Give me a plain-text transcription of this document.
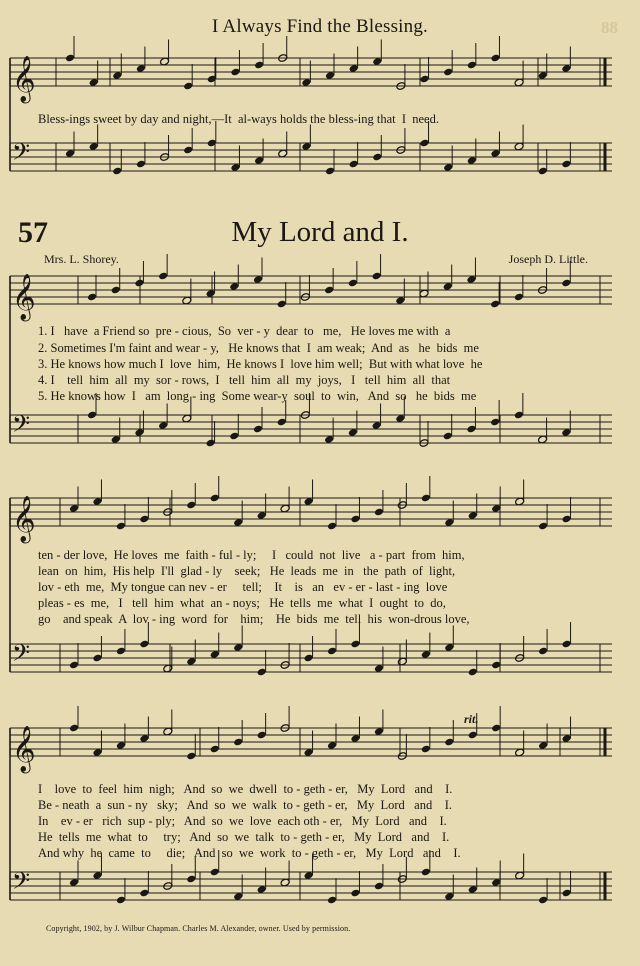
88
I Always Find the Blessing.
𝄞
𝄢
𝄞
𝄢
𝄞
𝄢
𝄞
𝄢
Bless-ings sweet by day and night,—It  al-ways holds the bless-ing that  I  need.
57	My Lord and I.
Mrs. L. Shorey.	Joseph D. Little.
1. I   have  a Friend so  pre - cious,  So  ver - y  dear  to   me,   He loves me with  a
2. Sometimes I'm faint and wear - y,   He knows that  I  am weak;  And  as   he  bids  me
3. He knows how much I  love  him,  He knows I  love him well;  But with what love  he
4. I    tell  him  all  my  sor - rows,  I   tell  him  all  my  joys,   I   tell  him  all  that
5. He knows how  I   am  long - ing  Some wear-y  soul  to  win,   And  so   he  bids  me
ten - der love,  He loves  me  faith - ful - ly;     I   could  not  live   a - part  from  him,
lean  on  him,  His help  I'll  glad - ly    seek;   He  leads  me  in   the  path  of  light,
lov - eth  me,  My tongue can nev - er     tell;    It    is   an   ev - er - last - ing  love
pleas - es  me,   I   tell  him  what  an - noys;   He  tells  me  what  I  ought  to  do,
go    and speak  A  lov - ing  word  for    him;    He  bids  me  tell  his  won-drous love,
rit.
I    love  to  feel  him  nigh;   And  so  we  dwell  to - geth - er,   My  Lord   and    I.
Be - neath  a  sun - ny   sky;   And  so  we  walk  to - geth - er,   My  Lord   and    I.
In    ev - er   rich  sup - ply;   And  so  we  love  each oth - er,   My  Lord   and    I.
He  tells  me  what  to     try;   And  so  we  talk  to - geth - er,   My  Lord   and    I.
And why  he  came  to     die;   And  so  we  work  to - geth - er,   My  Lord   and    I.
Copyright, 1902, by J. Wilbur Chapman. Charles M. Alexander, owner. Used by permission.
